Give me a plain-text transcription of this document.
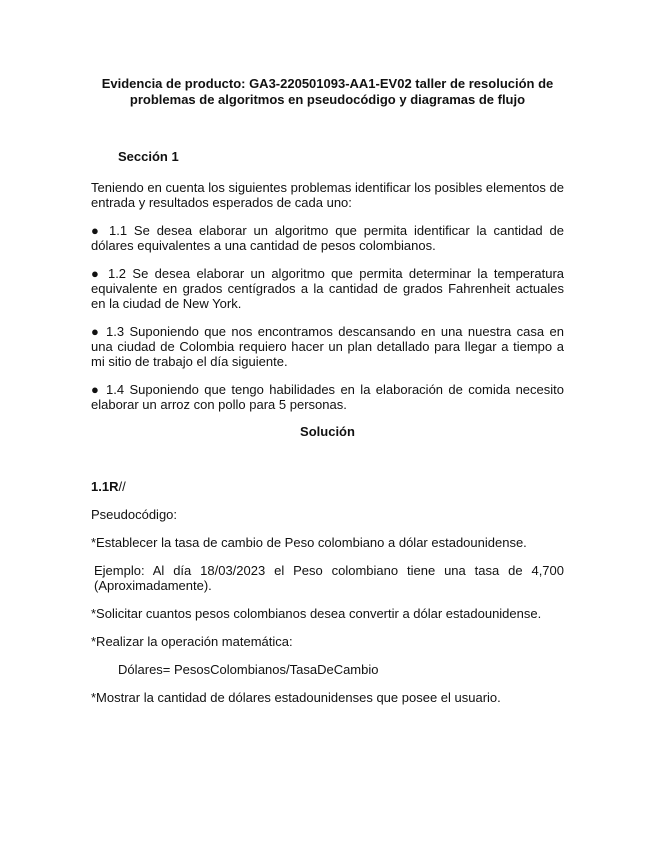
Evidencia de producto: GA3-220501093-AA1-EV02 taller de resolución de

problemas de algoritmos en pseudocódigo y diagramas de flujo

Sección 1

Teniendo en cuenta los siguientes problemas identificar los posibles elementos de entrada y resultados esperados de cada uno:

● 1.1 Se desea elaborar un algoritmo que permita identificar la cantidad de dólares equivalentes a una cantidad de pesos colombianos.

● 1.2 Se desea elaborar un algoritmo que permita determinar la temperatura equivalente en grados centígrados a la cantidad de grados Fahrenheit actuales en la ciudad de New York.

● 1.3 Suponiendo que nos encontramos descansando en una nuestra casa en una ciudad de Colombia requiero hacer un plan detallado para llegar a tiempo a mi sitio de trabajo el día siguiente.

● 1.4 Suponiendo que tengo habilidades en la elaboración de comida necesito elaborar un arroz con pollo para 5 personas.

Solución

1.1R//

Pseudocódigo:

*Establecer la tasa de cambio de Peso colombiano a dólar estadounidense.

Ejemplo: Al día 18/03/2023 el Peso colombiano tiene una tasa de 4,700 (Aproximadamente).

*Solicitar cuantos pesos colombianos desea convertir a dólar estadounidense.

*Realizar la operación matemática:

Dólares= PesosColombianos/TasaDeCambio

*Mostrar la cantidad de dólares estadounidenses que posee el usuario.
